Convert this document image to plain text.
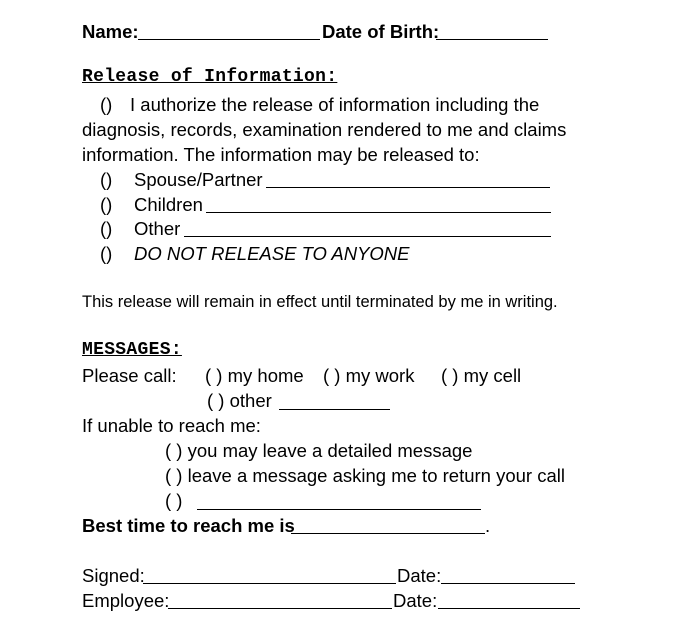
Name:	Date of Birth:
Release of Information:
() I authorize the release of information including the diagnosis, records, examination rendered to me and claims information. The information may be released to:
() Spouse/Partner
() Children
() Other
() DO NOT RELEASE TO ANYONE
This release will remain in effect until terminated by me in writing.
MESSAGES:
Please call: ( ) my home ( ) my work ( ) my cell
( ) other
If unable to reach me:
( ) you may leave a detailed message
( ) leave a message asking me to return your call
( )
Best time to reach me is	.
Signed:	Date:
Employee:	Date:
